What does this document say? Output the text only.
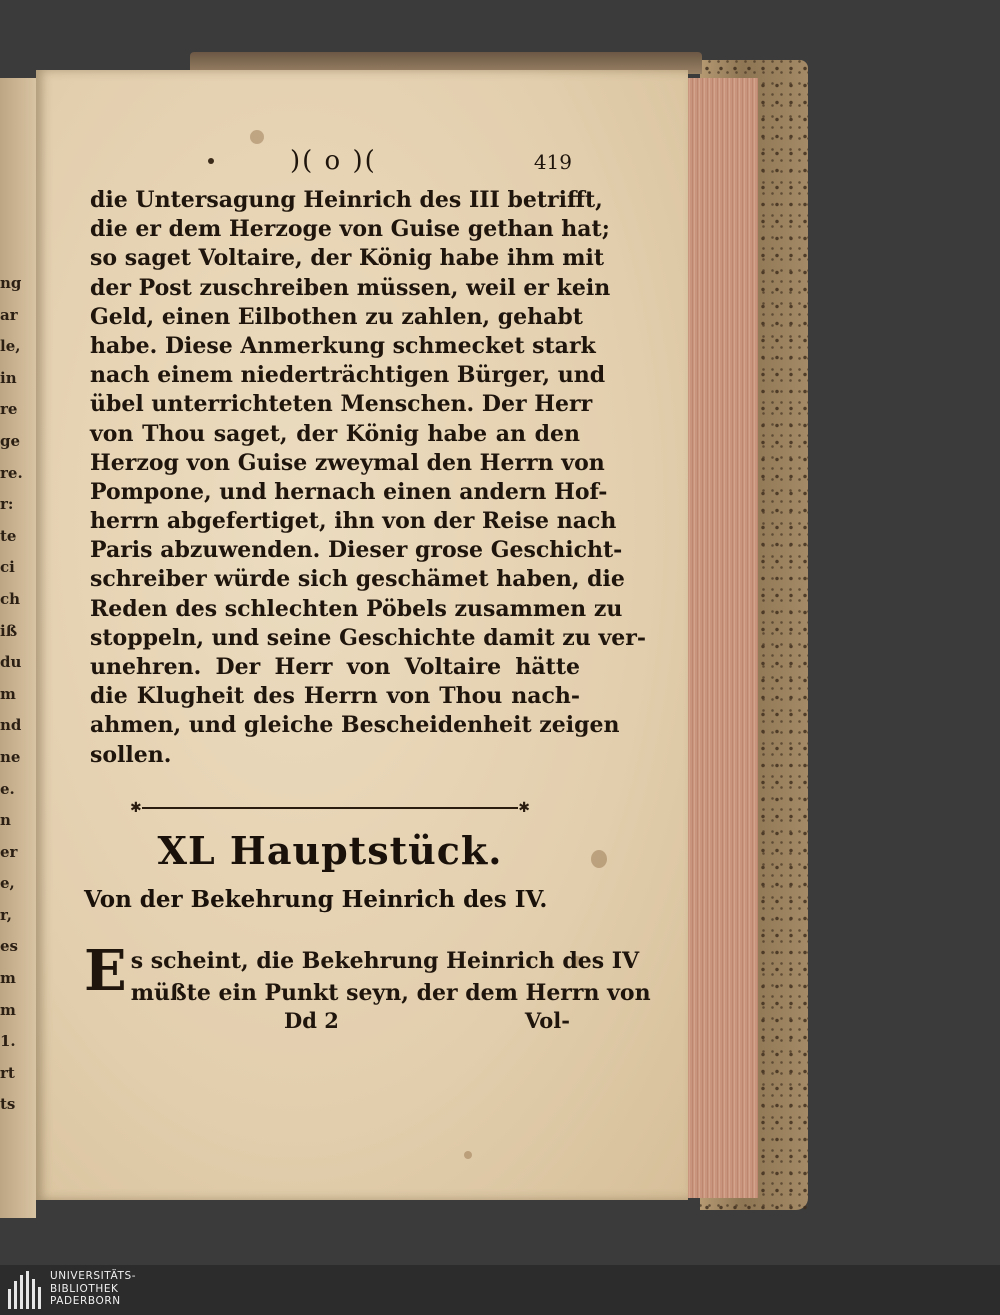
ng
ar
le,
in
re
ge
re.
r:
te
ci
ch
iß
du
m
nd
ne
e.
n
er
e,
r,
es
m
m
1.
rt
ts
)( o )(	419
die Untersagung Heinrich des III betrifft,
die er dem Herzoge von Guise gethan hat;
so saget Voltaire, der König habe ihm mit
der Post zuschreiben müssen, weil er kein
Geld, einen Eilbothen zu zahlen, gehabt
habe. Diese Anmerkung schmecket stark
nach einem niederträchtigen Bürger, und
übel unterrichteten Menschen. Der Herr
von Thou saget, der König habe an den
Herzog von Guise zweymal den Herrn von
Pompone, und hernach einen andern Hof-
herrn abgefertiget, ihn von der Reise nach
Paris abzuwenden. Dieser grose Geschicht-
schreiber würde sich geschämet haben, die
Reden des schlechten Pöbels zusammen zu
stoppeln, und seine Geschichte damit zu ver-
unehren. Der Herr von Voltaire hätte
die Klugheit des Herrn von Thou nach-
ahmen, und gleiche Bescheidenheit zeigen
sollen.
✱	✱
XL Hauptstück.
Von der Bekehrung Heinrich des IV.
E s scheint, die Bekehrung Heinrich des IV
müßte ein Punkt seyn, der dem Herrn von
Dd 2	Vol-
UNIVERSITÄTS-
BIBLIOTHEK
PADERBORN
